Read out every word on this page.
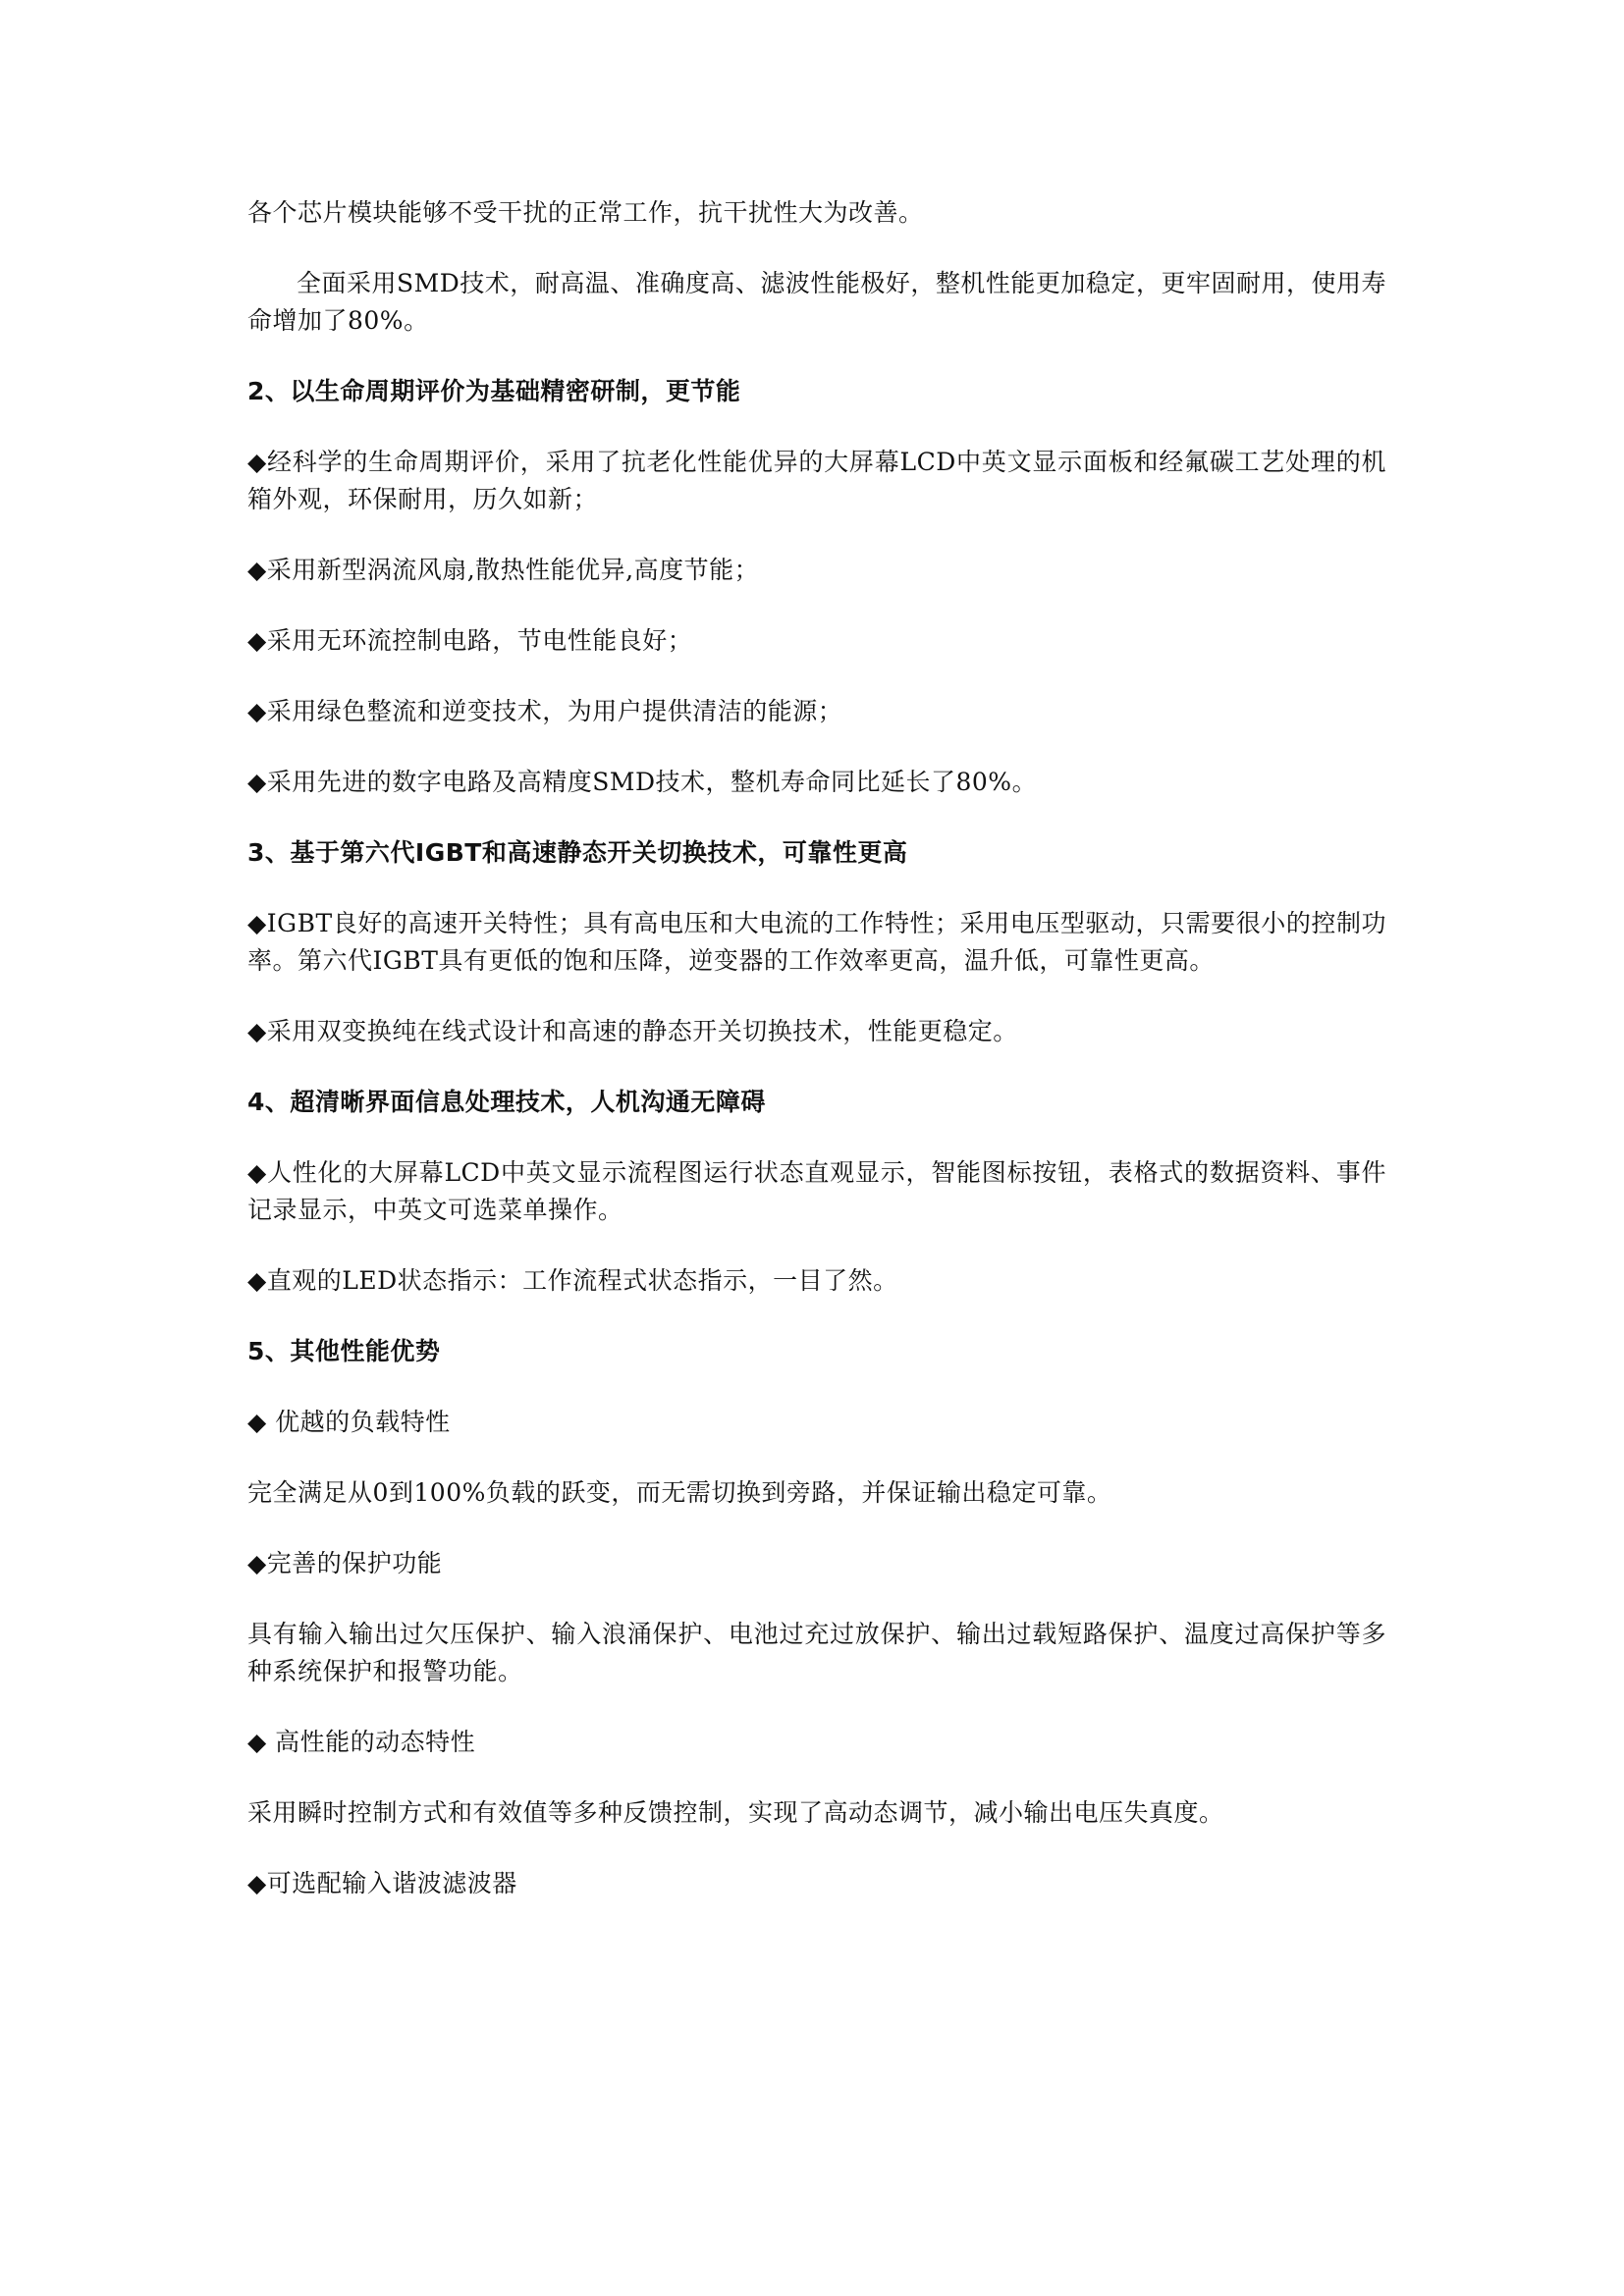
各个芯片模块能够不受干扰的正常工作，抗干扰性大为改善。

全面采用SMD技术，耐高温、准确度高、滤波性能极好，整机性能更加稳定，更牢固耐用，使用寿命增加了80%。

2、以生命周期评价为基础精密研制，更节能

◆经科学的生命周期评价，采用了抗老化性能优异的大屏幕LCD中英文显示面板和经氟碳工艺处理的机箱外观，环保耐用，历久如新；

◆采用新型涡流风扇,散热性能优异,高度节能；

◆采用无环流控制电路，节电性能良好；

◆采用绿色整流和逆变技术，为用户提供清洁的能源；

◆采用先进的数字电路及高精度SMD技术，整机寿命同比延长了80%。

3、基于第六代IGBT和高速静态开关切换技术，可靠性更高

◆IGBT良好的高速开关特性；具有高电压和大电流的工作特性；采用电压型驱动，只需要很小的控制功率。第六代IGBT具有更低的饱和压降，逆变器的工作效率更高，温升低，可靠性更高。

◆采用双变换纯在线式设计和高速的静态开关切换技术，性能更稳定。

4、超清晰界面信息处理技术，人机沟通无障碍

◆人性化的大屏幕LCD中英文显示流程图运行状态直观显示，智能图标按钮，表格式的数据资料、事件记录显示，中英文可选菜单操作。

◆直观的LED状态指示：工作流程式状态指示，一目了然。

5、其他性能优势

◆ 优越的负载特性

完全满足从0到100%负载的跃变，而无需切换到旁路，并保证输出稳定可靠。

◆完善的保护功能

具有输入输出过欠压保护、输入浪涌保护、电池过充过放保护、输出过载短路保护、温度过高保护等多种系统保护和报警功能。

◆ 高性能的动态特性

采用瞬时控制方式和有效值等多种反馈控制，实现了高动态调节，减小输出电压失真度。

◆可选配输入谐波滤波器
